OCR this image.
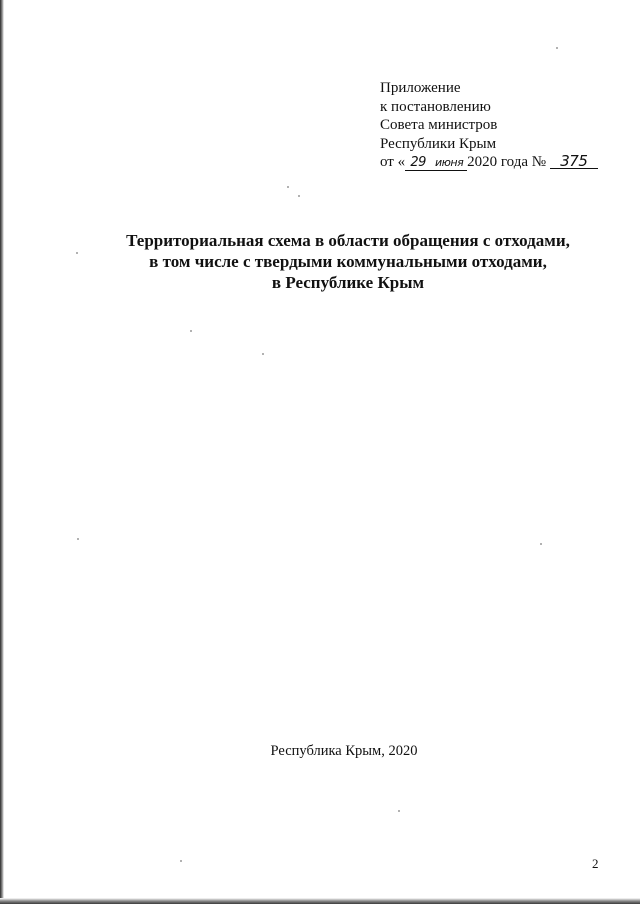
Приложение
к постановлению
Совета министров
Республики Крым
от « 29 июня 2020 года № 375
Территориальная схема в области обращения с отходами,
в том числе с твердыми коммунальными отходами,
в Республике Крым
Республика Крым, 2020
2
